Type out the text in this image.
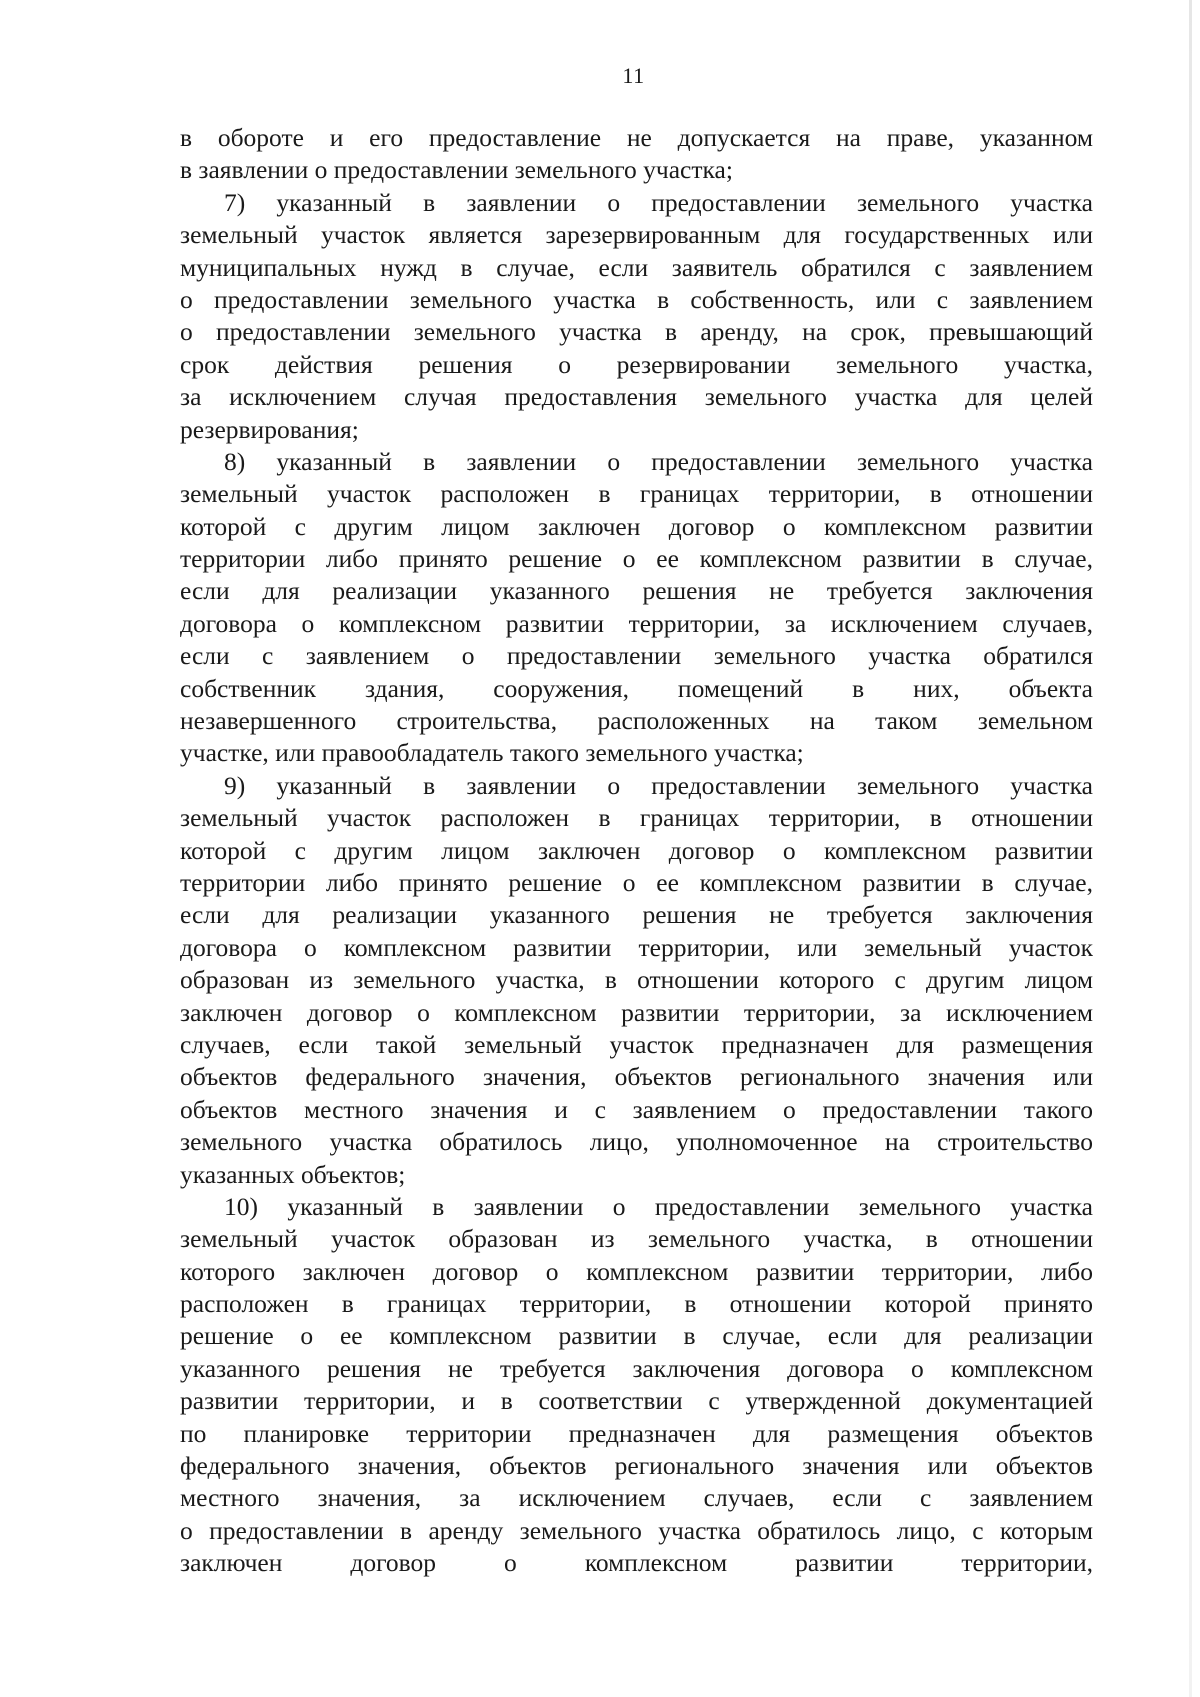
11
в обороте и его предоставление не допускается на праве, указанном
в заявлении о предоставлении земельного участка;
7) указанный в заявлении о предоставлении земельного участка
земельный участок является зарезервированным для государственных или
муниципальных нужд в случае, если заявитель обратился с заявлением
о предоставлении земельного участка в собственность, или с заявлением
о предоставлении земельного участка в аренду, на срок, превышающий
срок действия решения о резервировании земельного участка,
за исключением случая предоставления земельного участка для целей
резервирования;
8) указанный в заявлении о предоставлении земельного участка
земельный участок расположен в границах территории, в отношении
которой с другим лицом заключен договор о комплексном развитии
территории либо принято решение о ее комплексном развитии в случае,
если для реализации указанного решения не требуется заключения
договора о комплексном развитии территории, за исключением случаев,
если с заявлением о предоставлении земельного участка обратился
собственник здания, сооружения, помещений в них, объекта
незавершенного строительства, расположенных на таком земельном
участке, или правообладатель такого земельного участка;
9) указанный в заявлении о предоставлении земельного участка
земельный участок расположен в границах территории, в отношении
которой с другим лицом заключен договор о комплексном развитии
территории либо принято решение о ее комплексном развитии в случае,
если для реализации указанного решения не требуется заключения
договора о комплексном развитии территории, или земельный участок
образован из земельного участка, в отношении которого с другим лицом
заключен договор о комплексном развитии территории, за исключением
случаев, если такой земельный участок предназначен для размещения
объектов федерального значения, объектов регионального значения или
объектов местного значения и с заявлением о предоставлении такого
земельного участка обратилось лицо, уполномоченное на строительство
указанных объектов;
10) указанный в заявлении о предоставлении земельного участка
земельный участок образован из земельного участка, в отношении
которого заключен договор о комплексном развитии территории, либо
расположен в границах территории, в отношении которой принято
решение о ее комплексном развитии в случае, если для реализации
указанного решения не требуется заключения договора о комплексном
развитии территории, и в соответствии с утвержденной документацией
по планировке территории предназначен для размещения объектов
федерального значения, объектов регионального значения или объектов
местного значения, за исключением случаев, если с заявлением
о предоставлении в аренду земельного участка обратилось лицо, с которым
заключен договор о комплексном развитии территории,
